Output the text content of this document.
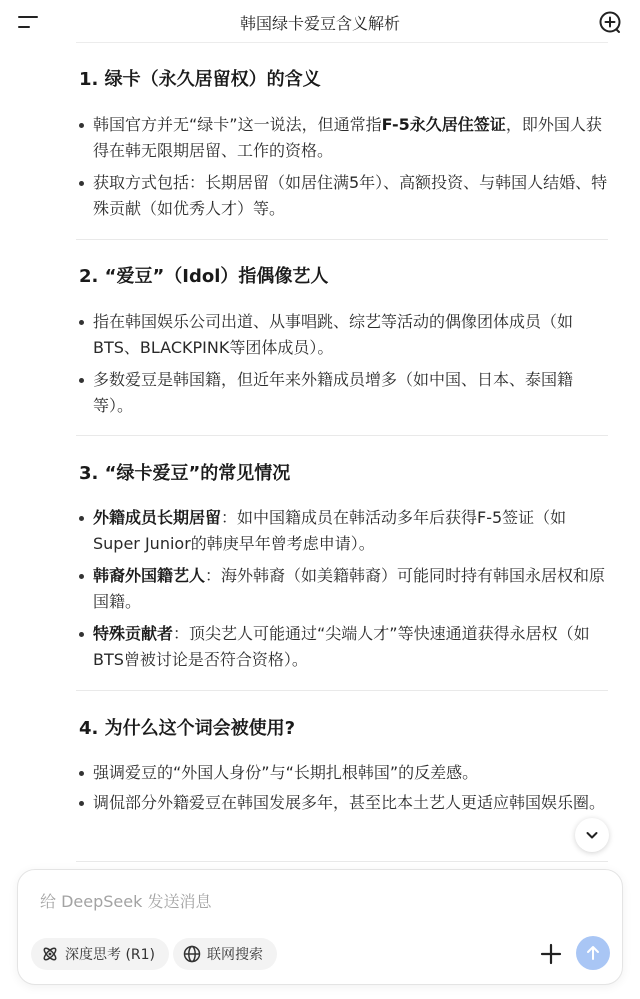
韩国绿卡爱豆含义解析
1. 绿卡（永久居留权）的含义
韩国官方并无“绿卡”这一说法，但通常指F-5永久居住签证，即外国人获得在韩无限期居留、工作的资格。
获取方式包括：长期居留（如居住满5年）、高额投资、与韩国人结婚、特殊贡献（如优秀人才）等。
2. “爱豆”（Idol）指偶像艺人
指在韩国娱乐公司出道、从事唱跳、综艺等活动的偶像团体成员（如BTS、BLACKPINK等团体成员）。
多数爱豆是韩国籍，但近年来外籍成员增多（如中国、日本、泰国籍等）。
3. “绿卡爱豆”的常见情况
外籍成员长期居留：如中国籍成员在韩活动多年后获得F-5签证（如Super Junior的韩庚早年曾考虑申请）。
韩裔外国籍艺人：海外韩裔（如美籍韩裔）可能同时持有韩国永居权和原国籍。
特殊贡献者：顶尖艺人可能通过“尖端人才”等快速通道获得永居权（如BTS曾被讨论是否符合资格）。
4. 为什么这个词会被使用?
强调爱豆的“外国人身份”与“长期扎根韩国”的反差感。
调侃部分外籍爱豆在韩国发展多年，甚至比本土艺人更适应韩国娱乐圈。
给 DeepSeek 发送消息
深度思考 (R1)	联网搜索
